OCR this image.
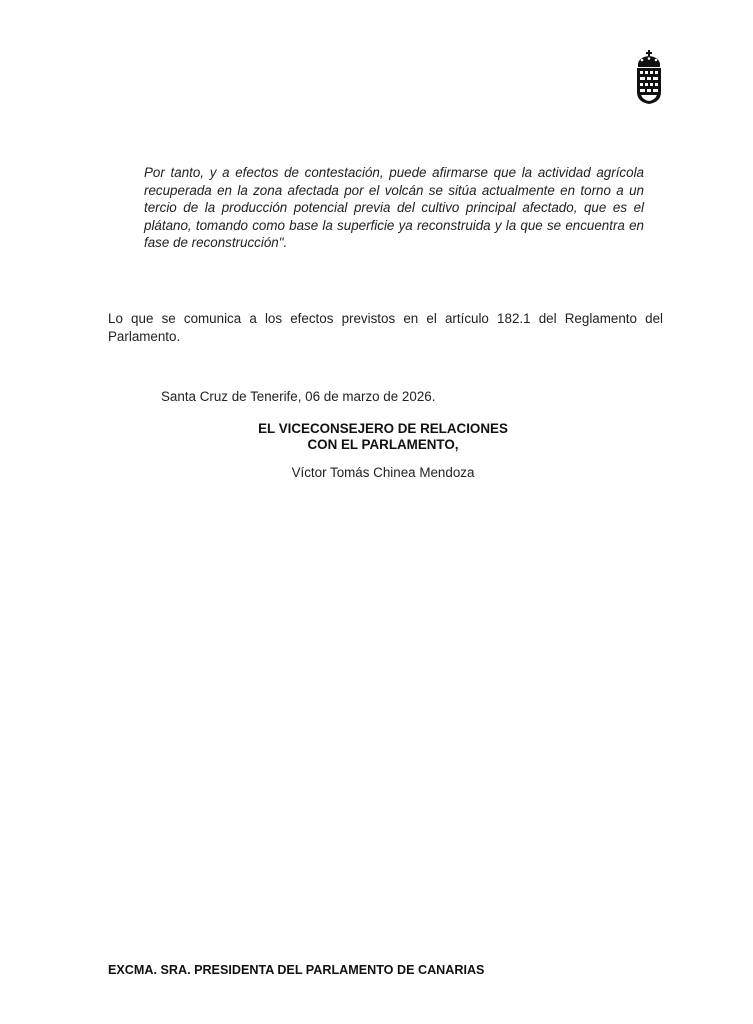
Por tanto, y a efectos de contestación, puede afirmarse que la actividad agrícola recuperada en la zona afectada por el volcán se sitúa actualmente en torno a un tercio de la producción potencial previa del cultivo principal afectado, que es el plátano, tomando como base la superficie ya reconstruida y la que se encuentra en fase de reconstrucción".

Lo que se comunica a los efectos previstos en el artículo 182.1 del Reglamento del Parlamento.

Santa Cruz de Tenerife, 06 de marzo de 2026.
EL VICECONSEJERO DE RELACIONES
CON EL PARLAMENTO,
Víctor Tomás Chinea Mendoza
EXCMA. SRA. PRESIDENTA DEL PARLAMENTO DE CANARIAS
